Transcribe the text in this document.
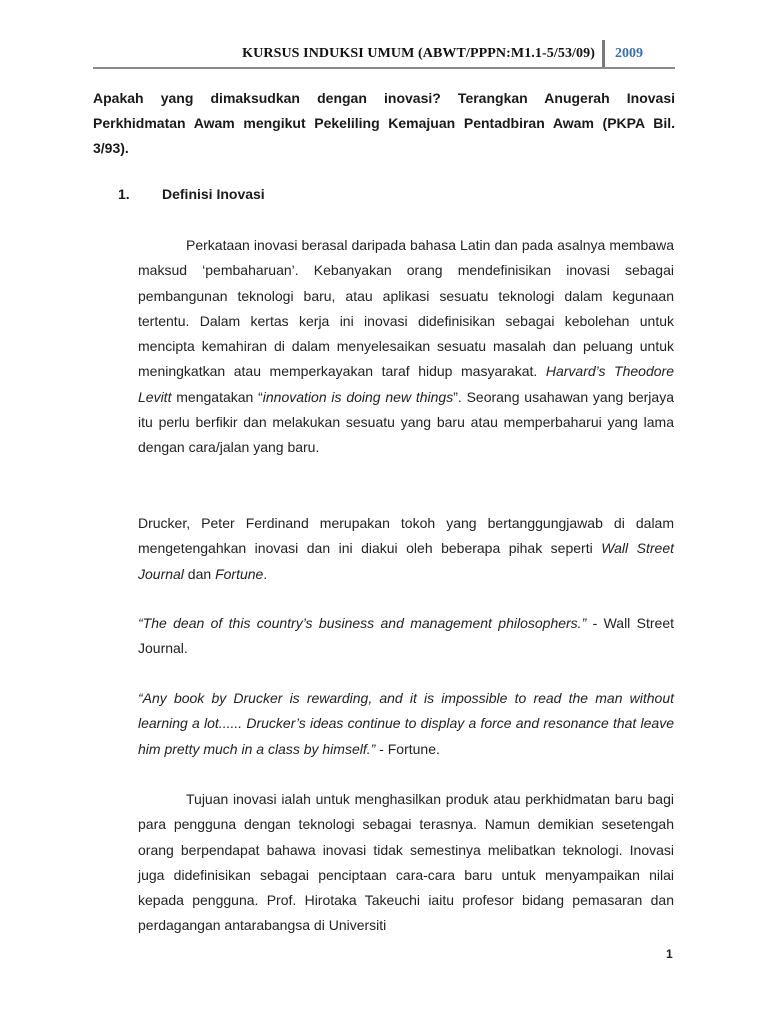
KURSUS INDUKSI UMUM (ABWT/PPPN:M1.1-5/53/09) 2009
Apakah yang dimaksudkan dengan inovasi? Terangkan Anugerah Inovasi Perkhidmatan Awam mengikut Pekeliling Kemajuan Pentadbiran Awam (PKPA Bil. 3/93).
1. Definisi Inovasi
Perkataan inovasi berasal daripada bahasa Latin dan pada asalnya membawa maksud ‘pembaharuan’. Kebanyakan orang mendefinisikan inovasi sebagai pembangunan teknologi baru, atau aplikasi sesuatu teknologi dalam kegunaan tertentu. Dalam kertas kerja ini inovasi didefinisikan sebagai kebolehan untuk mencipta kemahiran di dalam menyelesaikan sesuatu masalah dan peluang untuk meningkatkan atau memperkayakan taraf hidup masyarakat. Harvard’s Theodore Levitt mengatakan “innovation is doing new things”. Seorang usahawan yang berjaya itu perlu berfikir dan melakukan sesuatu yang baru atau memperbaharui yang lama dengan cara/jalan yang baru.
Drucker, Peter Ferdinand merupakan tokoh yang bertanggungjawab di dalam mengetengahkan inovasi dan ini diakui oleh beberapa pihak seperti Wall Street Journal dan Fortune.
“The dean of this country’s business and management philosophers.” - Wall Street Journal.
“Any book by Drucker is rewarding, and it is impossible to read the man without learning a lot...... Drucker’s ideas continue to display a force and resonance that leave him pretty much in a class by himself.” - Fortune.
Tujuan inovasi ialah untuk menghasilkan produk atau perkhidmatan baru bagi para pengguna dengan teknologi sebagai terasnya. Namun demikian sesetengah orang berpendapat bahawa inovasi tidak semestinya melibatkan teknologi. Inovasi juga didefinisikan sebagai penciptaan cara-cara baru untuk menyampaikan nilai kepada pengguna. Prof. Hirotaka Takeuchi iaitu profesor bidang pemasaran dan perdagangan antarabangsa di Universiti
1
